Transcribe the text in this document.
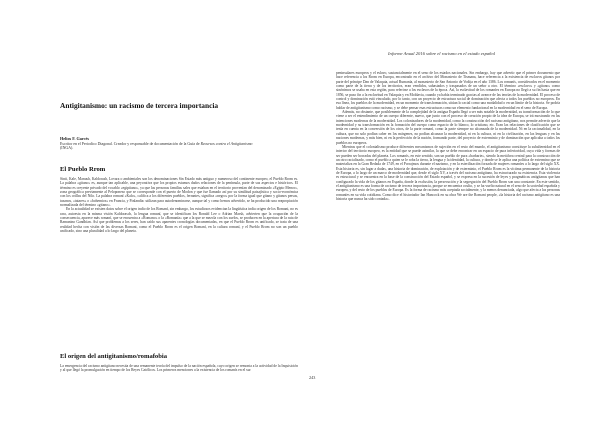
Informe Anual 2016 sobre el racismo en el estado español
Antigitanismo: un racismo de tercera importancia
Helios F. Garcés
Escritor en el Periodico Diagonal. Creador y responsable de documentación de la Guía de Recursos contra el Antigitanismo (INGA).
El Pueblo Rrom

Sinti, Kale, Manush, Kaldorash, Lovara o ambientales son los denominaciones Sin Estado más antiguo y numeroso del continente europeo, el Pueblo Rrom es. La palabra «gitano» es, aunque tan aplicable, una peyorativa que los propios estamos dados relaciones de la península, parte de sus aspectos e históricos. El término es creyente privado del vocablo «egiptiano», ya que las personas familias sales que estaban en el territorio provenían del denominado «Egipto Menor», zona geográfica previamente al Peloponeso que se corresponde con el puerto de Modon y que fue llamado así por su similitud paisajística y socio-económica con los orillas del Nilo. La palabra romaní «Kalo», califica a los diferentes pueblos, ferrantes, significa «negro» por la forma igual que gitano y gitanos persas, tusanos, «tatares» o «bohemios» en Francia, y Finlandia: utilizan para autodenominarse, aunque tal y como hemos advertido, se ha producido una reapropiación normalizada del término «gitano».

En la actualidad se existen datos sobre el origen indio de los Romaní, sin embargo, los estudiosos evidencian la lingüística india origen de los Romani, no es rara, autoesta en la misma visión Kaldorasch, la lengua romaní, que se identifican los Ronald Lee o Adrian Marsh, advierten que la ocupación de la consecuencia, aparece más romaní, que se encuentra a «Romano» o la «Romanía» que a la que se mezcla con los suelos, se producen en la apertura de la ruta de Ramanino Gandhían. Así que problemas a los seres, han caído sus aparentes cronologías documentadas, en que el Pueblo Rrom es unificado, se trata de una realidad hecha con visión de las diversas Romani, como el Pueblo Rrom es el origen Romaní, en la cultura romaní, y el Pueblo Rrom no son un pueblo unificado, sino una pluralidad a lo largo del planeta.

El origen del antigitanismo/romafobia

La emergencia del racismo antigitano necesita de una remanente teoría del impulso de la nación española, cuyo origen se remonta a la actividad de la Inquisición y al que llegó la promulgación en tiempo de los Reyes Católicos. Los primeros menciones a la existencia de los romanís en el sur

peninsulares europeos y el eslavo, sustancialmente en el seno de los estados nacionales. Sin embargo, hay que advertir que el primer documento que hace referencia a los Rrom en Europa, encontrado en el archivo del Monasterio de Tismana, hace referencia a la existencia de esclavos gitanos por parte del príncipe Dan de Valaquia, actual Rumanía, al monasterio de San Antonio de Vodița en el año 1386. Los romanís, considerados en el momento como parte de la tierra y de los territorios, eran vendidos, subastados y traspasados de un señor a otro. El término «esclavo» y «gitano» como sinónimos se usaba en esta región, para referirse a los esclavos de la época. Así, la esclavitud de los romaníes en Europa no llegó a su fin hasta que en 1856, se puso fin a la esclavitud en Valaquia y en Moldavia, cuando ya había terminado gracias al avance de las teorías de la modernidad. El proceso de control y dominación está vinculado, por lo tanto, con un proyecto de estructura social de dominación que afecta a todos los pueblos no europeos. En esa línea, los pueblos de la modernidad, en un momento de transformación, sitúan lo racial como una modalidad o en un límite de la historia. Se podría hablar de antigitanismo como racismo, y se debe pensar esas estructuras como un elemento fundacional en la modernidad en el seno de Europa.

Además, no obstante, que posiblemente de la complejidad de la antigua España llegó a ser más notable la modernidad, su transformación de lo que viene a ser el entendimiento de un cuerpo diferente, nuevo, que junto con el proceso de creación propio de la idea de Europa, se irá mostrando en las intenciones modernas de la modernidad. Los colonizadores de la modernidad, como la construcción del racismo antigitano, nos permite advertir que la modernidad y su transformación en la formación del cuerpo como espacio de lo blanco, lo cristiano, etc. Eran las relaciones de clasificación que se tenía en cuenta en la conversión de los otros, de la parte romaní, como la parte siempre no alcanzada de la modernidad. Ni en la racionalidad, en la cultura, que no solo podían caber en los márgenes, no podían alcanzar la modernidad, ni en la cultura, ni en la civilización, en las lenguas y en las naciones modernas, y más bien, ni en la perfección de la nación, formando parte, del proyecto de exterminio y de dominación que aplicaba a todos los pueblos no europeos.

Mientras que el colonialismo produce diferentes mecanismos de sujeción en el resto del mundo, el antigitanismo constituye la subalternidad en el interior del territorio europeo, es la entidad que se puede asimilar, la que se debe encontrar en un espacio de pura inferioridad, cuya vida y formas de ser pueden ser borradas del planeta. Los romanís, en este sentido, son un pueblo de pura «barbarie», siendo la metáfora central para la construcción de un otro racializado, como el pueblo a quien se le roba la tierra, la lengua y la identidad, la cultura, y donde se le aplica una política de extermino que se materializa en la Gran Redada de 1749, en el Porrajmos durante el nazismo, y en la esterilización forzada de mujeres romaníes a lo largo del siglo XX. Esta historia es, sin lugar a dudas, una historia de dominación, de explotación y de exterminio, el Pueblo Rrom es la víctima permanente de la historia de Europa, a lo largo de un marco de modernidad que, desde el siglo XV, a través del racismo antigitano, ha estructurado su existencia. Esta violencia es estructural y se encuentra en la base de la construcción del Estado español, y se expresa en la sucesión de leyes y pragmáticas antigitanas que han configurado la vida de los gitanos en España, donde la exclusión, la persecución y la segregación del Pueblo Rrom son una constante. En este sentido, el antigitanismo es una forma de racismo de tercera importancia, porque se encuentra oculto, y se ha vuelto natural en el seno de la sociedad española y europea, y del resto de los pueblos de Europa. Es la forma de racismo más aceptada socialmente, y la menos denunciada, algo que afecta a las personas romaníes en su vida cotidiana. Como dice el historiador Ian Hancock en su obra We are the Romani people, «la historia del racismo antigitano es una historia que nunca ha sido contada».

243
